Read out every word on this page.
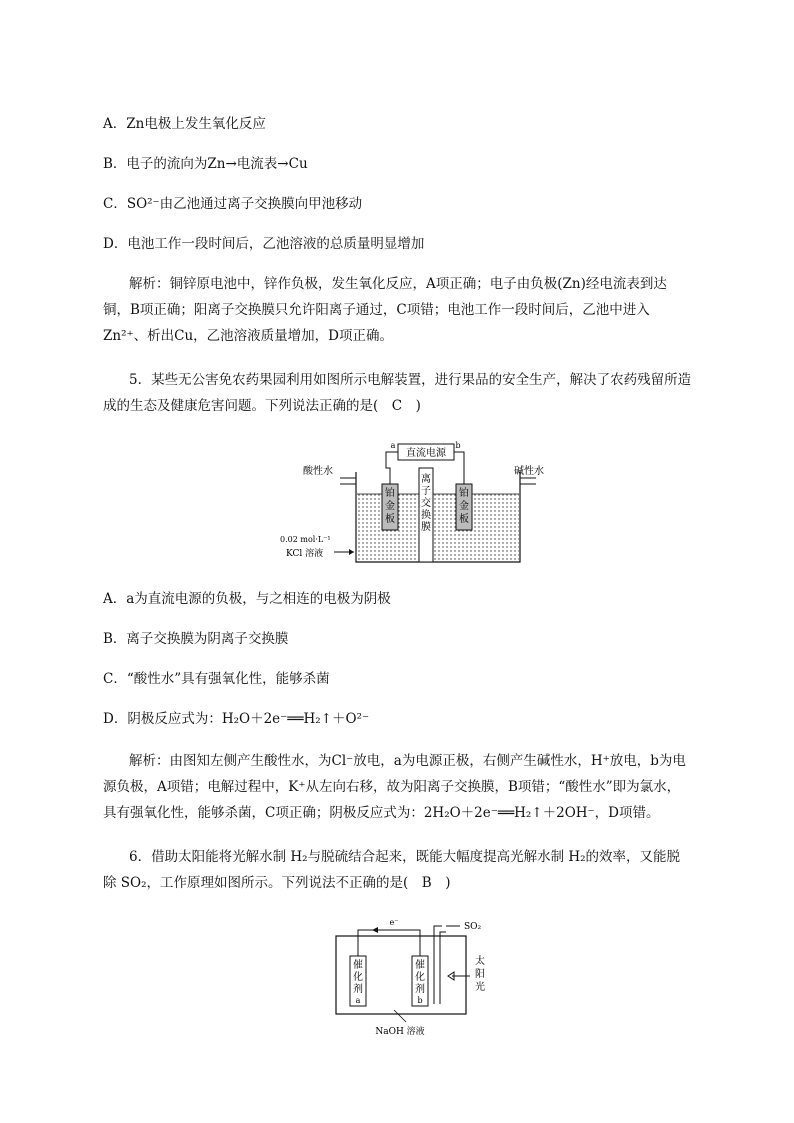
A．Zn电极上发生氧化反应
B．电子的流向为Zn→电流表→Cu
C．SO²⁻由乙池通过离子交换膜向甲池移动
D．电池工作一段时间后，乙池溶液的总质量明显增加
解析：铜锌原电池中，锌作负极，发生氧化反应，A项正确；电子由负极(Zn)经电流表到达铜，B项正确；阳离子交换膜只允许阳离子通过，C项错；电池工作一段时间后，乙池中进入Zn²⁺、析出Cu，乙池溶液质量增加，D项正确。
5．某些无公害免农药果园利用如图所示电解装置，进行果品的安全生产，解决了农药残留所造成的生态及健康危害问题。下列说法正确的是(　C　)
直流电源
a	b
酸性水	碱性水
离
子
交
换
膜
铂
金
板
铂
金
板
0.02 mol·L⁻¹
KCl 溶液
A．a为直流电源的负极，与之相连的电极为阴极
B．离子交换膜为阴离子交换膜
C．“酸性水”具有强氧化性，能够杀菌
D．阴极反应式为：H₂O＋2e⁻══H₂↑＋O²⁻
解析：由图知左侧产生酸性水，为Cl⁻放电，a为电源正极，右侧产生碱性水，H⁺放电，b为电源负极，A项错；电解过程中，K⁺从左向右移，故为阳离子交换膜，B项错；“酸性水”即为氯水，具有强氧化性，能够杀菌，C项正确；阴极反应式为：2H₂O＋2e⁻══H₂↑＋2OH⁻，D项错。
6．借助太阳能将光解水制 H₂与脱硫结合起来，既能大幅度提高光解水制 H₂的效率，又能脱除 SO₂，工作原理如图所示。下列说法不正确的是(　B　)
e⁻	SO₂
催
化
剂
a
催
化
剂
b
太
阳
光
NaOH 溶液
